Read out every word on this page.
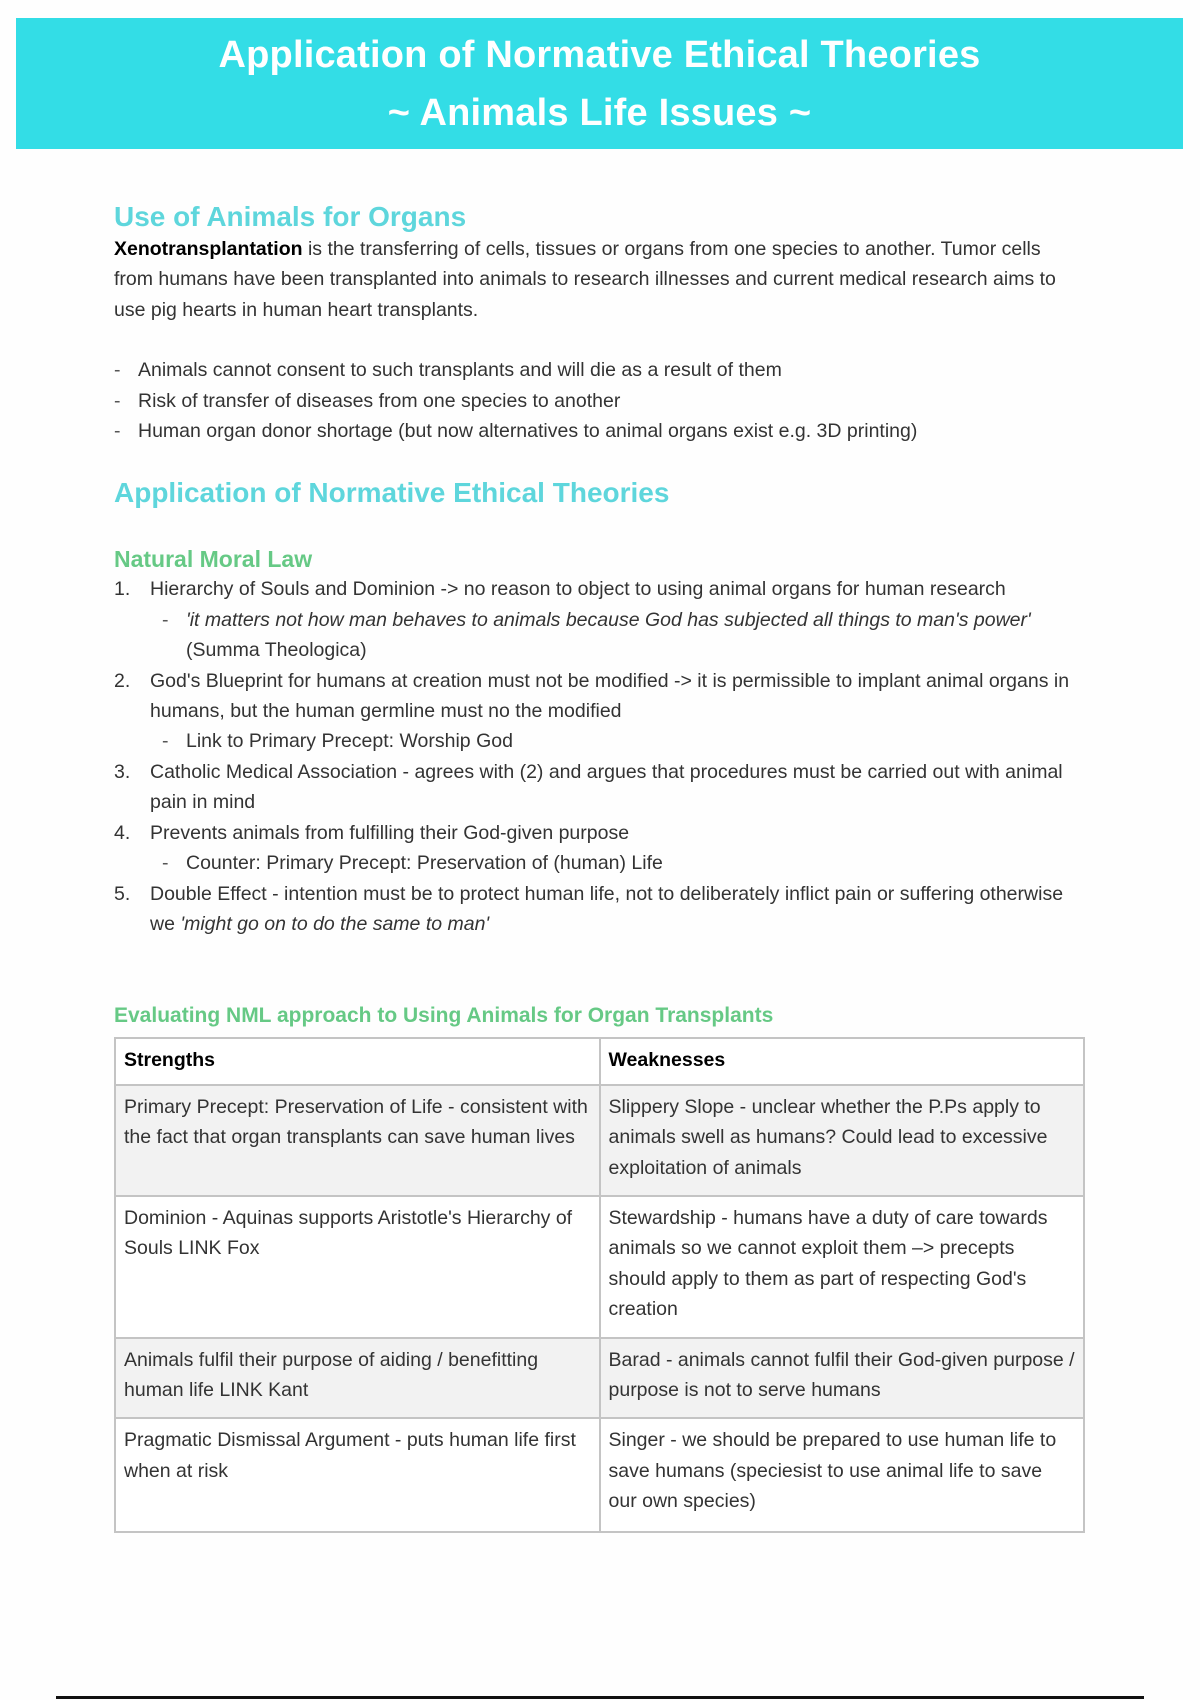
Application of Normative Ethical Theories
~ Animals Life Issues ~
Use of Animals for Organs

Xenotransplantation is the transferring of cells, tissues or organs from one species to another. Tumor cells from humans have been transplanted into animals to research illnesses and current medical research aims to use pig hearts in human heart transplants.

- Animals cannot consent to such transplants and will die as a result of them
- Risk of transfer of diseases from one species to another
- Human organ donor shortage (but now alternatives to animal organs exist e.g. 3D printing)
Application of Normative Ethical Theories
Natural Moral Law
1. Hierarchy of Souls and Dominion -> no reason to object to using animal organs for human research
- 'it matters not how man behaves to animals because God has subjected all things to man's power' (Summa Theologica)
2. God's Blueprint for humans at creation must not be modified -> it is permissible to implant animal organs in humans, but the human germline must no the modified
- Link to Primary Precept: Worship God
3. Catholic Medical Association - agrees with (2) and argues that procedures must be carried out with animal pain in mind
4. Prevents animals from fulfilling their God-given purpose
- Counter: Primary Precept: Preservation of (human) Life
5. Double Effect - intention must be to protect human life, not to deliberately inflict pain or suffering otherwise we 'might go on to do the same to man'
Evaluating NML approach to Using Animals for Organ Transplants
Strengths	Weaknesses
Primary Precept: Preservation of Life - consistent with the fact that organ transplants can save human lives	Slippery Slope - unclear whether the P.Ps apply to animals swell as humans? Could lead to excessive exploitation of animals
Dominion - Aquinas supports Aristotle's Hierarchy of Souls LINK Fox	Stewardship - humans have a duty of care towards animals so we cannot exploit them –> precepts should apply to them as part of respecting God's creation
Animals fulfil their purpose of aiding / benefitting human life LINK Kant	Barad - animals cannot fulfil their God-given purpose / purpose is not to serve humans
Pragmatic Dismissal Argument - puts human life first when at risk	Singer - we should be prepared to use human life to save humans (speciesist to use animal life to save our own species)
